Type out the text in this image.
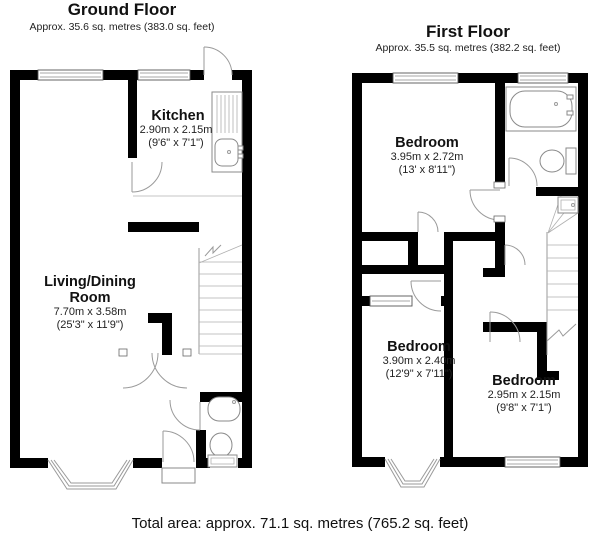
Kitchen
2.90m x 2.15m
(9'6" x 7'1")
Living/Dining
Room
7.70m x 3.58m
(25'3" x 11'9")
Bedroom
3.95m x 2.72m
(13' x 8'11")
Bedroom
3.90m x 2.40m
(12'9" x 7'11")	Bedroom
2.95m x 2.15m
(9'8" x 7'1")
Ground Floor
Approx. 35.6 sq. metres (383.0 sq. feet)	First Floor
Approx. 35.5 sq. metres (382.2 sq. feet)
Total area: approx. 71.1 sq. metres (765.2 sq. feet)
